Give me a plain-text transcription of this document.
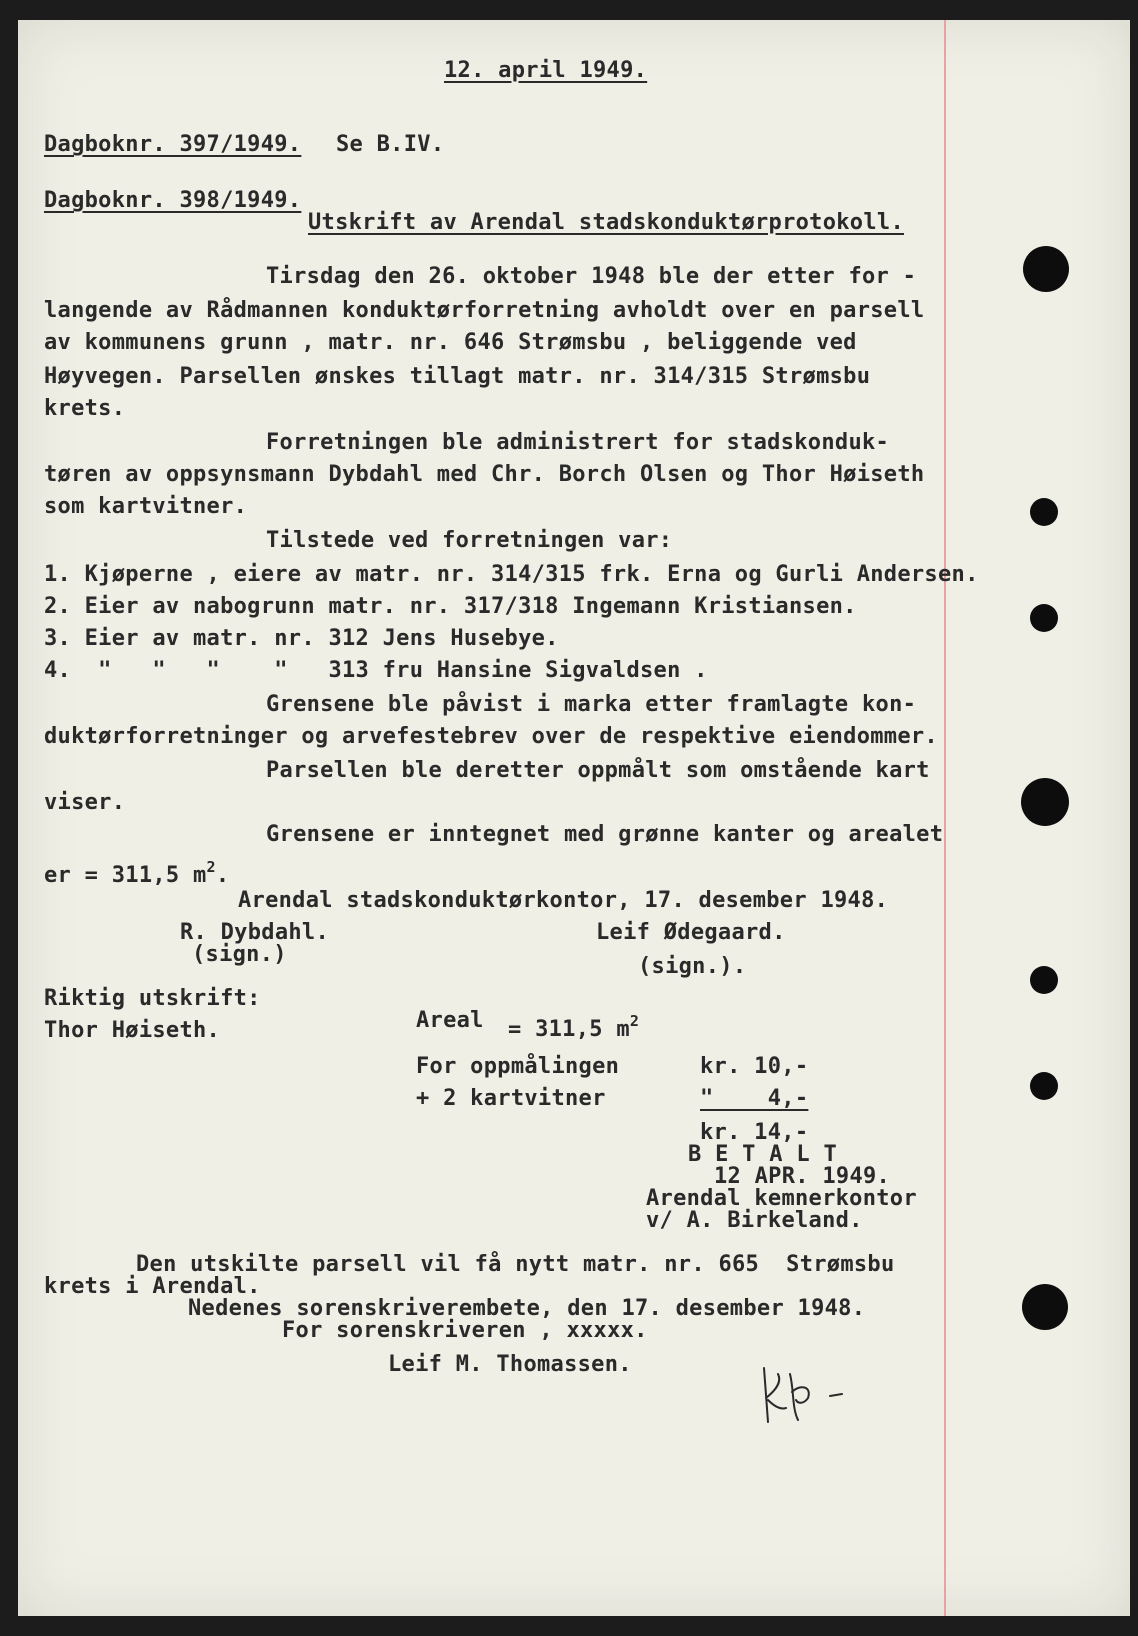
12. april 1949.
Dagboknr. 397/1949. Se B.IV.
Dagboknr. 398/1949.
Utskrift av Arendal stadskonduktørprotokoll.
Tirsdag den 26. oktober 1948 ble der etter for -
langende av Rådmannen konduktørforretning avholdt over en parsell
av kommunens grunn , matr. nr. 646 Strømsbu , beliggende ved
Høyvegen. Parsellen ønskes tillagt matr. nr. 314/315 Strømsbu
krets.
Forretningen ble administrert for stadskonduk-
tøren av oppsynsmann Dybdahl med Chr. Borch Olsen og Thor Høiseth
som kartvitner.
Tilstede ved forretningen var:
1. Kjøperne , eiere av matr. nr. 314/315 frk. Erna og Gurli Andersen.
2. Eier av nabogrunn matr. nr. 317/318 Ingemann Kristiansen.
3. Eier av matr. nr. 312 Jens Husebye.
4.  "   "   "    "   313 fru Hansine Sigvaldsen .
Grensene ble påvist i marka etter framlagte kon-
duktørforretninger og arvefestebrev over de respektive eiendommer.
Parsellen ble deretter oppmålt som omstående kart
viser.
Grensene er inntegnet med grønne kanter og arealet
er = 311,5 $m^2$.
Arendal stadskonduktørkontor, 17. desember 1948.
R. Dybdahl.
(sign.)
Leif Ødegaard.
(sign.).
Riktig utskrift:
Thor Høiseth.	Areal = 311,5 $m^2$
For oppmålingen	kr. 10,-
+ 2 kartvitner	"    4,-
kr. 14,-
B E T A L T
12 APR. 1949.
Arendal kemnerkontor
v/ A. Birkeland.
Den utskilte parsell vil få nytt matr. nr. 665  Strømsbu
krets i Arendal.
Nedenes sorenskriverembete, den 17. desember 1948.
For sorenskriveren , xxxxx.
Leif M. Thomassen.
